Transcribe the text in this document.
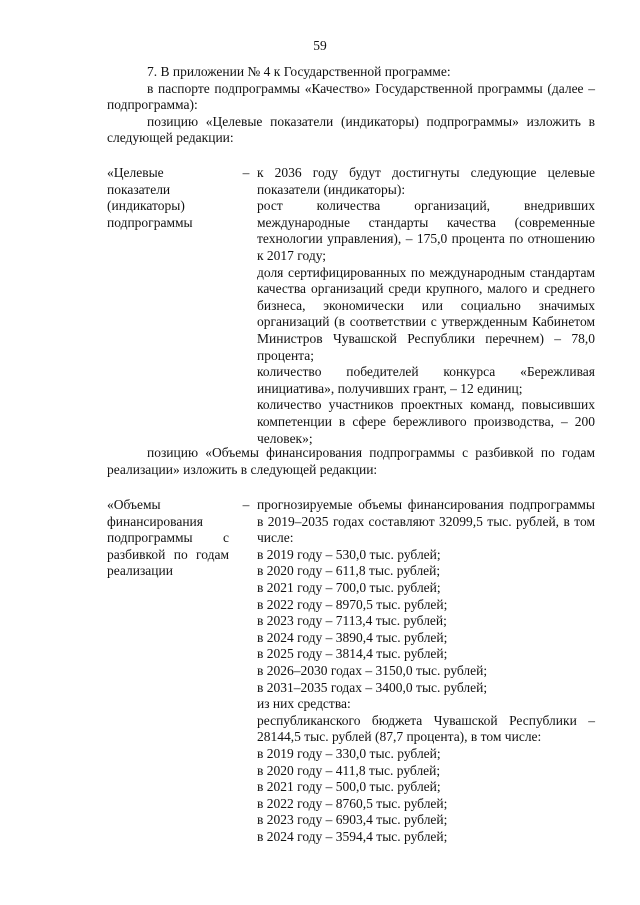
59

7. В приложении № 4 к Государственной программе:

в паспорте подпрограммы «Качество» Государственной программы (далее – подпрограмма):

позицию «Целевые показатели (индикаторы) подпрограммы» изложить в следующей редакции:

«Целевые показатели (индикаторы) подпрограммы

– к 2036 году будут достигнуты следующие целевые показатели (индикаторы):

рост количества организаций, внедривших международные стандарты качества (современные технологии управления), – 175,0 процента по отношению к 2017 году;

доля сертифицированных по международным стандартам качества организаций среди крупного, малого и среднего бизнеса, экономически или социально значимых организаций (в соответствии с утвержденным Кабинетом Министров Чувашской Республики перечнем) – 78,0 процента;

количество победителей конкурса «Бережливая инициатива», получивших грант, – 12 единиц;

количество участников проектных команд, повысивших компетенции в сфере бережливого производства, – 200 человек»;

позицию «Объемы финансирования подпрограммы с разбивкой по годам реализации» изложить в следующей редакции:

«Объемы финансирования подпрограммы с разбивкой по годам реализации

– прогнозируемые объемы финансирования подпрограммы в 2019–2035 годах составляют 32099,5 тыс. рублей, в том числе:

в 2019 году – 530,0 тыс. рублей;

в 2020 году – 611,8 тыс. рублей;

в 2021 году – 700,0 тыс. рублей;

в 2022 году – 8970,5 тыс. рублей;

в 2023 году – 7113,4 тыс. рублей;

в 2024 году – 3890,4 тыс. рублей;

в 2025 году – 3814,4 тыс. рублей;

в 2026–2030 годах – 3150,0 тыс. рублей;

в 2031–2035 годах – 3400,0 тыс. рублей;

из них средства:

республиканского бюджета Чувашской Республики – 28144,5 тыс. рублей (87,7 процента), в том числе:

в 2019 году – 330,0 тыс. рублей;

в 2020 году – 411,8 тыс. рублей;

в 2021 году – 500,0 тыс. рублей;

в 2022 году – 8760,5 тыс. рублей;

в 2023 году – 6903,4 тыс. рублей;

в 2024 году – 3594,4 тыс. рублей;
